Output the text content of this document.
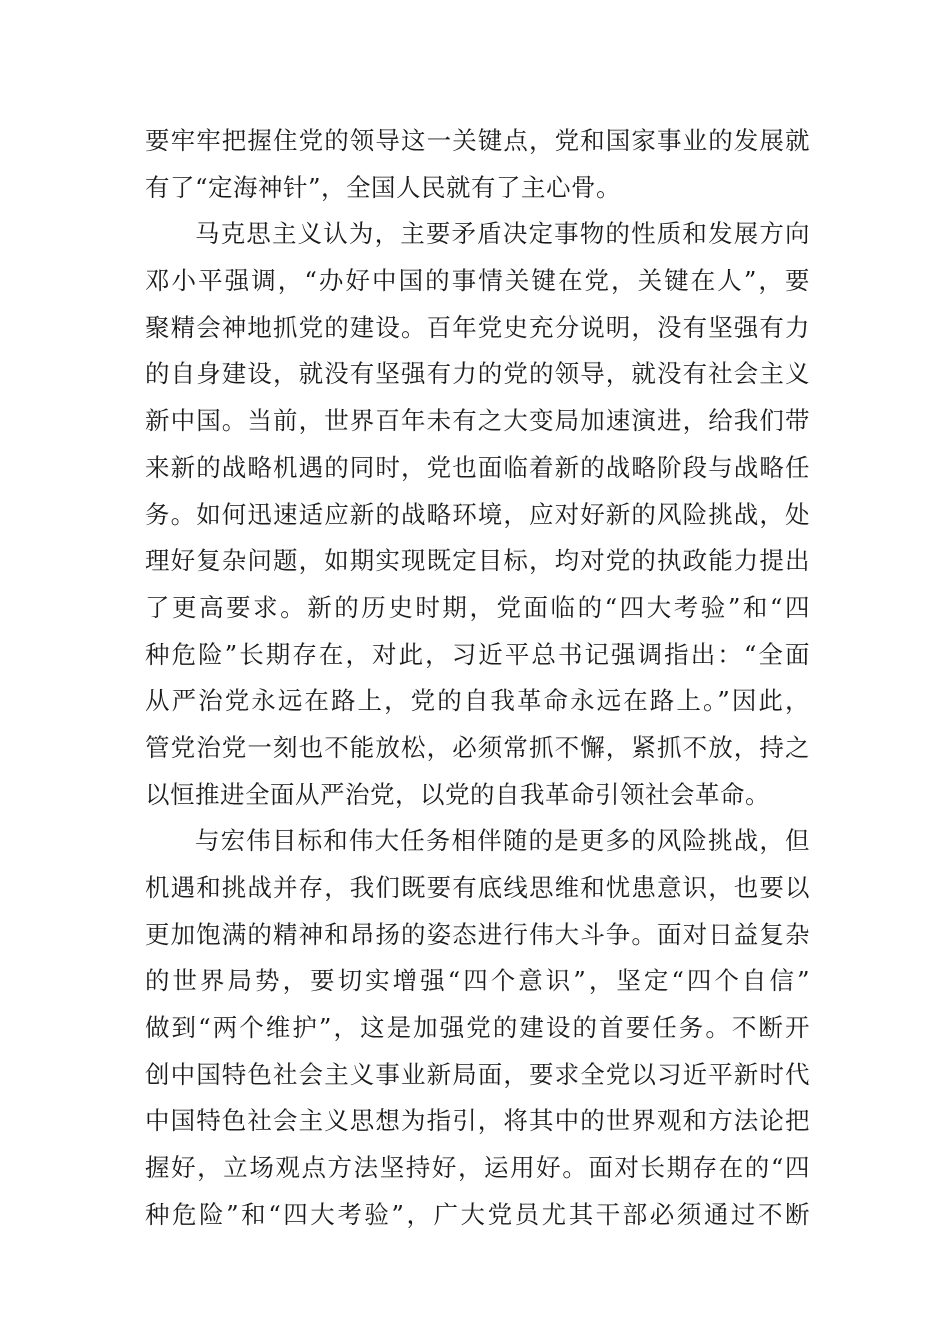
要牢牢把握住党的领导这一关键点，党和国家事业的发展就
有了“定海神针”，全国人民就有了主心骨。
马克思主义认为，主要矛盾决定事物的性质和发展方向
邓小平强调，“办好中国的事情关键在党，关键在人”，要
聚精会神地抓党的建设。百年党史充分说明，没有坚强有力
的自身建设，就没有坚强有力的党的领导，就没有社会主义
新中国。当前，世界百年未有之大变局加速演进，给我们带
来新的战略机遇的同时，党也面临着新的战略阶段与战略任
务。如何迅速适应新的战略环境，应对好新的风险挑战，处
理好复杂问题，如期实现既定目标，均对党的执政能力提出
了更高要求。新的历史时期，党面临的“四大考验”和“四
种危险”长期存在，对此，习近平总书记强调指出：“全面
从严治党永远在路上，党的自我革命永远在路上。”因此，
管党治党一刻也不能放松，必须常抓不懈，紧抓不放，持之
以恒推进全面从严治党，以党的自我革命引领社会革命。
与宏伟目标和伟大任务相伴随的是更多的风险挑战，但
机遇和挑战并存，我们既要有底线思维和忧患意识，也要以
更加饱满的精神和昂扬的姿态进行伟大斗争。面对日益复杂
的世界局势，要切实增强“四个意识”，坚定“四个自信”
做到“两个维护”，这是加强党的建设的首要任务。不断开
创中国特色社会主义事业新局面，要求全党以习近平新时代
中国特色社会主义思想为指引，将其中的世界观和方法论把
握好，立场观点方法坚持好，运用好。面对长期存在的“四
种危险”和“四大考验”，广大党员尤其干部必须通过不断
